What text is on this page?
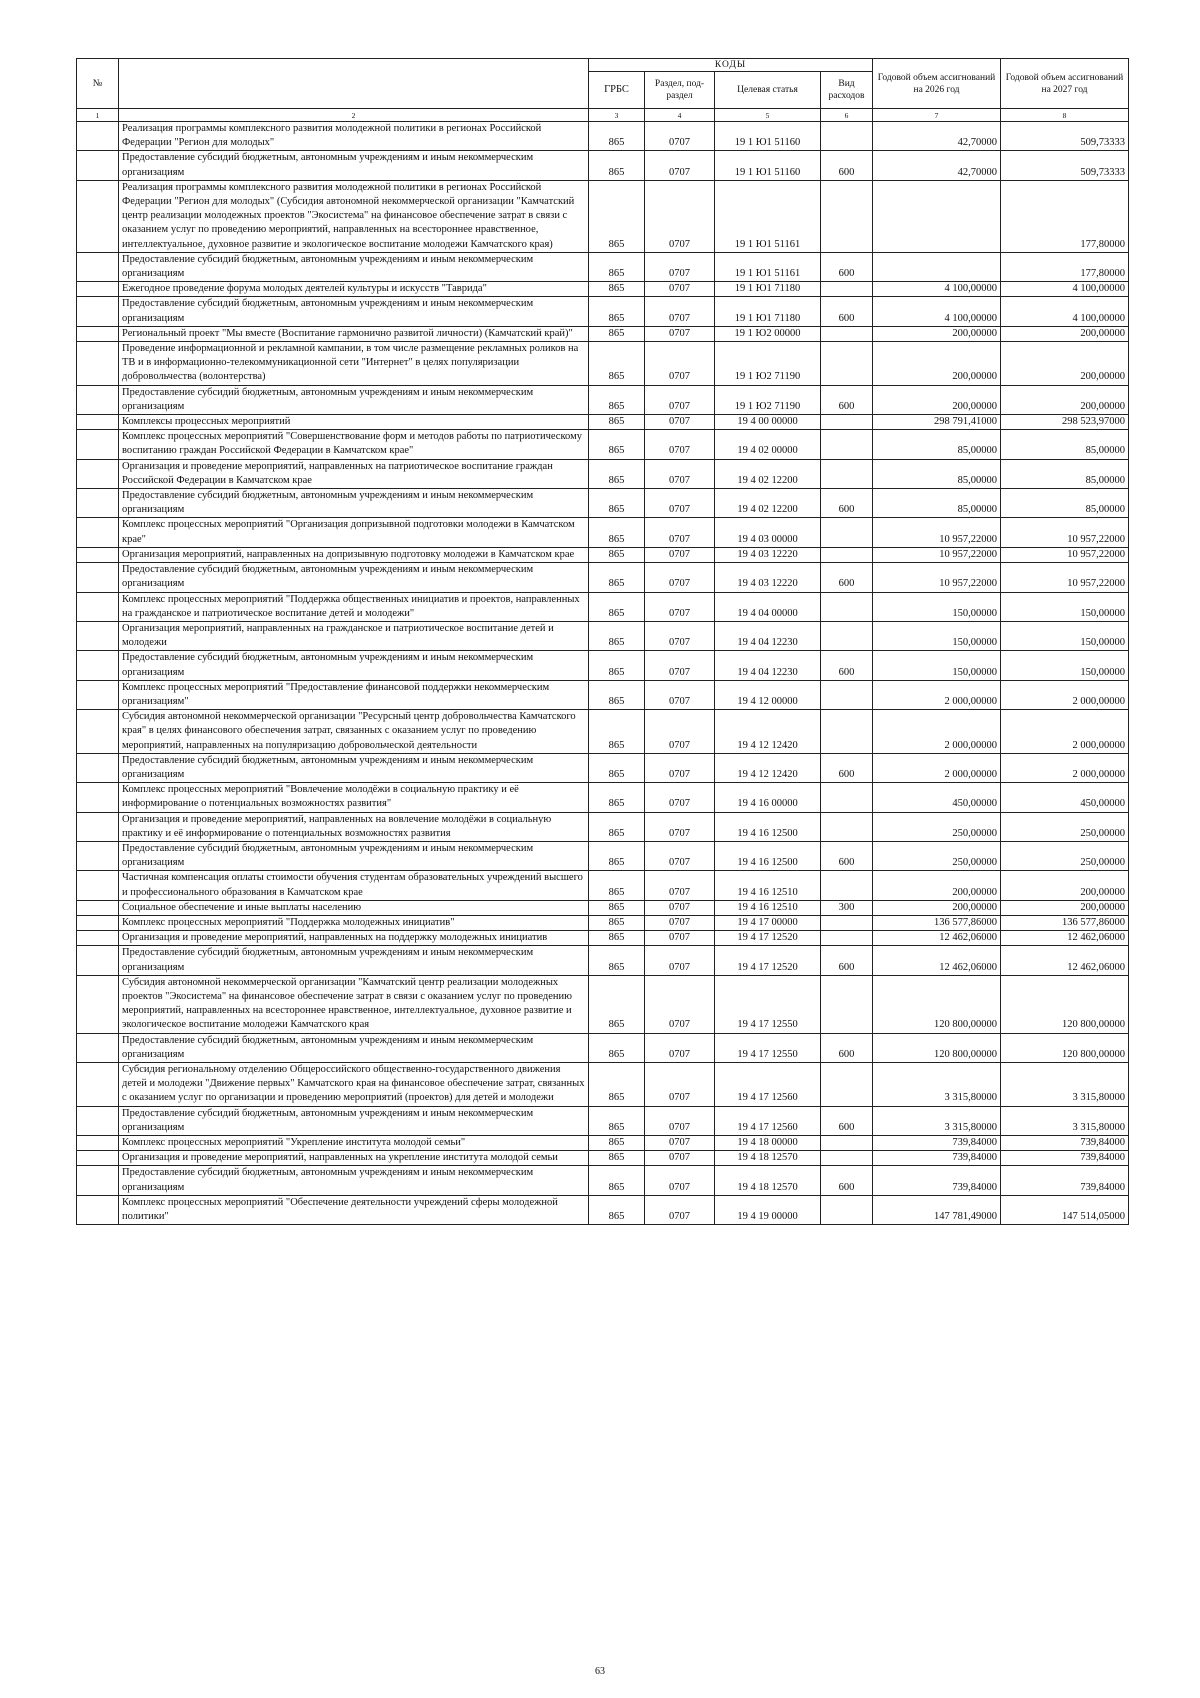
№		КОДЫ				Годовой объем ассигнований на 2026 год	Годовой объем ассигнований на 2027 год
		ГРБС	Раздел, под-раздел	Целевая статья	Вид расходов		
1	2	3	4	5	6	7	8
	Реализация программы комплексного развития молодежной политики в регионах Российской Федерации "Регион для молодых"	865	0707	19 1 Ю1 51160		42,70000	509,73333
	Предоставление субсидий бюджетным, автономным учреждениям и иным некоммерческим организациям	865	0707	19 1 Ю1 51160	600	42,70000	509,73333
	Реализация программы комплексного развития молодежной политики в регионах Российской Федерации "Регион для молодых" (Субсидия автономной некоммерческой организации "Камчатский центр реализации молодежных проектов "Экосистема" на финансовое обеспечение затрат в связи с оказанием услуг по проведению мероприятий, направленных на всестороннее нравственное, интеллектуальное, духовное развитие и экологическое воспитание молодежи Камчатского края)	865	0707	19 1 Ю1 51161			177,80000
	Предоставление субсидий бюджетным, автономным учреждениям и иным некоммерческим организациям	865	0707	19 1 Ю1 51161	600		177,80000
	Ежегодное проведение форума молодых деятелей культуры и искусств "Таврида"	865	0707	19 1 Ю1 71180		4 100,00000	4 100,00000
	Предоставление субсидий бюджетным, автономным учреждениям и иным некоммерческим организациям	865	0707	19 1 Ю1 71180	600	4 100,00000	4 100,00000
	Региональный проект "Мы вместе (Воспитание гармонично развитой личности) (Камчатский край)"	865	0707	19 1 Ю2 00000		200,00000	200,00000
	Проведение информационной и рекламной кампании, в том числе размещение рекламных роликов на ТВ и в информационно-телекоммуникационной сети "Интернет" в целях популяризации добровольчества (волонтерства)	865	0707	19 1 Ю2 71190		200,00000	200,00000
	Предоставление субсидий бюджетным, автономным учреждениям и иным некоммерческим организациям	865	0707	19 1 Ю2 71190	600	200,00000	200,00000
	Комплексы процессных мероприятий	865	0707	19 4 00 00000		298 791,41000	298 523,97000
	Комплекс процессных мероприятий "Совершенствование форм и методов работы по патриотическому воспитанию граждан Российской Федерации в Камчатском крае"	865	0707	19 4 02 00000		85,00000	85,00000
	Организация и проведение мероприятий, направленных на патриотическое воспитание граждан Российской Федерации в Камчатском крае	865	0707	19 4 02 12200		85,00000	85,00000
	Предоставление субсидий бюджетным, автономным учреждениям и иным некоммерческим организациям	865	0707	19 4 02 12200	600	85,00000	85,00000
	Комплекс процессных мероприятий "Организация допризывной подготовки молодежи в Камчатском крае"	865	0707	19 4 03 00000		10 957,22000	10 957,22000
	Организация мероприятий, направленных на допризывную подготовку молодежи в Камчатском крае	865	0707	19 4 03 12220		10 957,22000	10 957,22000
	Предоставление субсидий бюджетным, автономным учреждениям и иным некоммерческим организациям	865	0707	19 4 03 12220	600	10 957,22000	10 957,22000
	Комплекс процессных мероприятий "Поддержка общественных инициатив и проектов, направленных на гражданское и патриотическое воспитание детей и молодежи"	865	0707	19 4 04 00000		150,00000	150,00000
	Организация мероприятий, направленных на гражданское и патриотическое воспитание детей и молодежи	865	0707	19 4 04 12230		150,00000	150,00000
	Предоставление субсидий бюджетным, автономным учреждениям и иным некоммерческим организациям	865	0707	19 4 04 12230	600	150,00000	150,00000
	Комплекс процессных мероприятий "Предоставление финансовой поддержки некоммерческим организациям"	865	0707	19 4 12 00000		2 000,00000	2 000,00000
	Субсидия автономной некоммерческой организации "Ресурсный центр добровольчества Камчатского края" в целях финансового обеспечения затрат, связанных с оказанием услуг по проведению мероприятий, направленных на популяризацию добровольческой деятельности	865	0707	19 4 12 12420		2 000,00000	2 000,00000
	Предоставление субсидий бюджетным, автономным учреждениям и иным некоммерческим организациям	865	0707	19 4 12 12420	600	2 000,00000	2 000,00000
	Комплекс процессных мероприятий "Вовлечение молодёжи в социальную практику и её информирование о потенциальных возможностях развития"	865	0707	19 4 16 00000		450,00000	450,00000
	Организация и проведение мероприятий, направленных на вовлечение молодёжи в социальную практику и её информирование о потенциальных возможностях развития	865	0707	19 4 16 12500		250,00000	250,00000
	Предоставление субсидий бюджетным, автономным учреждениям и иным некоммерческим организациям	865	0707	19 4 16 12500	600	250,00000	250,00000
	Частичная компенсация оплаты стоимости обучения студентам образовательных учреждений высшего и профессионального образования в Камчатском крае	865	0707	19 4 16 12510		200,00000	200,00000
	Социальное обеспечение и иные выплаты населению	865	0707	19 4 16 12510	300	200,00000	200,00000
	Комплекс процессных мероприятий "Поддержка молодежных инициатив"	865	0707	19 4 17 00000		136 577,86000	136 577,86000
	Организация и проведение мероприятий, направленных на поддержку молодежных инициатив	865	0707	19 4 17 12520		12 462,06000	12 462,06000
	Предоставление субсидий бюджетным, автономным учреждениям и иным некоммерческим организациям	865	0707	19 4 17 12520	600	12 462,06000	12 462,06000
	Субсидия автономной некоммерческой организации "Камчатский центр реализации молодежных проектов "Экосистема" на финансовое обеспечение затрат в связи с оказанием услуг по проведению мероприятий, направленных на всестороннее нравственное, интеллектуальное, духовное развитие и экологическое воспитание молодежи Камчатского края	865	0707	19 4 17 12550		120 800,00000	120 800,00000
	Предоставление субсидий бюджетным, автономным учреждениям и иным некоммерческим организациям	865	0707	19 4 17 12550	600	120 800,00000	120 800,00000
	Субсидия региональному отделению Общероссийского общественно-государственного движения детей и молодежи "Движение первых" Камчатского края на финансовое обеспечение затрат, связанных с оказанием услуг по организации и проведению мероприятий (проектов) для детей и молодежи	865	0707	19 4 17 12560		3 315,80000	3 315,80000
	Предоставление субсидий бюджетным, автономным учреждениям и иным некоммерческим организациям	865	0707	19 4 17 12560	600	3 315,80000	3 315,80000
	Комплекс процессных мероприятий "Укрепление института молодой семьи"	865	0707	19 4 18 00000		739,84000	739,84000
	Организация и проведение мероприятий, направленных на укрепление института молодой семьи	865	0707	19 4 18 12570		739,84000	739,84000
	Предоставление субсидий бюджетным, автономным учреждениям и иным некоммерческим организациям	865	0707	19 4 18 12570	600	739,84000	739,84000
	Комплекс процессных мероприятий "Обеспечение деятельности учреждений сферы молодежной политики"	865	0707	19 4 19 00000		147 781,49000	147 514,05000
63
